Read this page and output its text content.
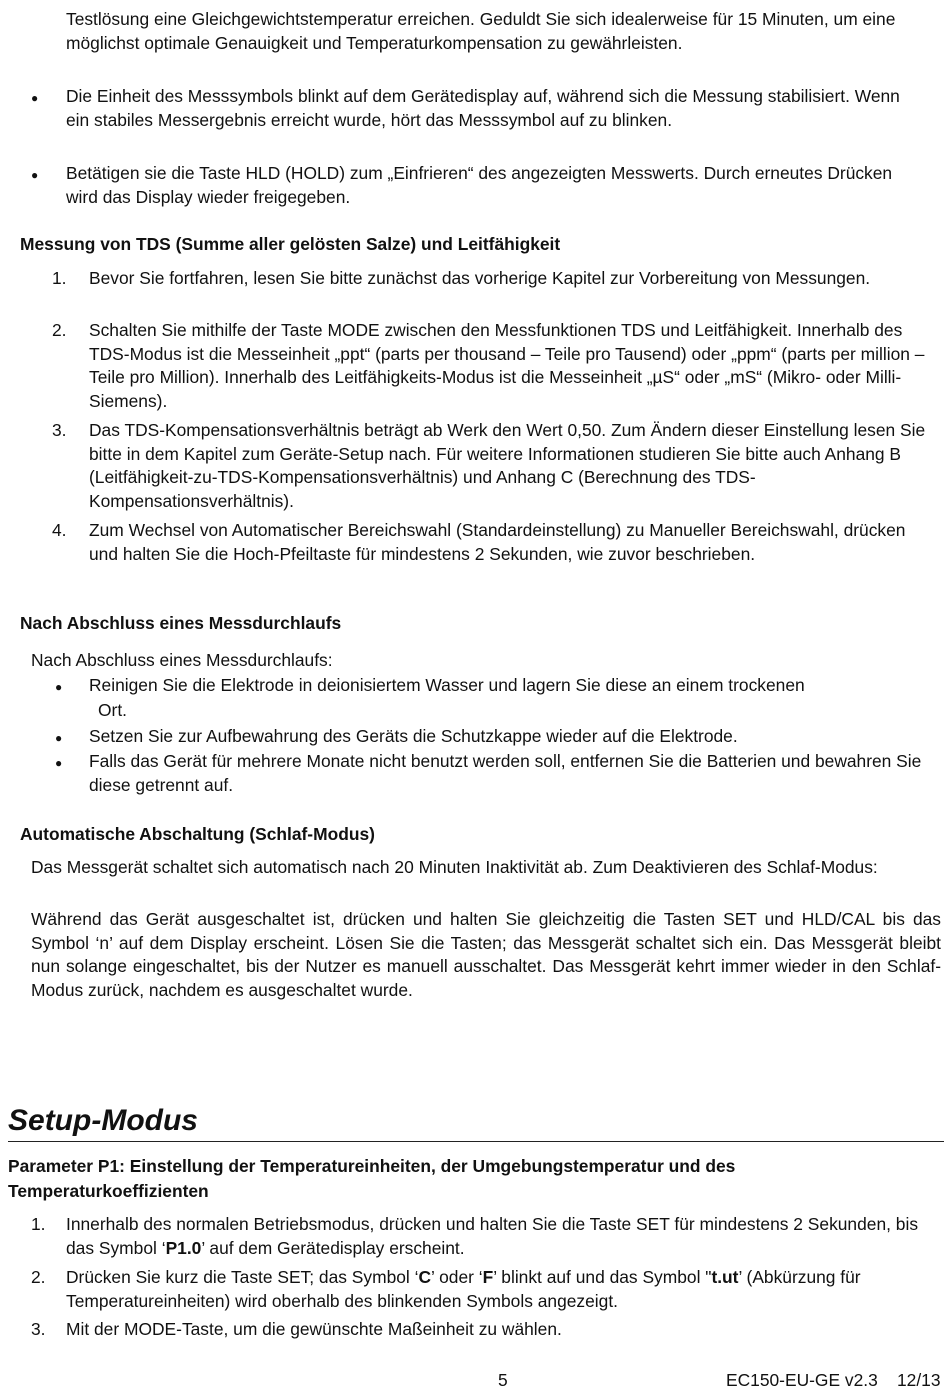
Testlösung eine Gleichgewichtstemperatur erreichen. Geduldt Sie sich idealerweise für 15 Minuten, um eine möglichst optimale Genauigkeit und Temperaturkompensation zu gewährleisten.

● Die Einheit des Messsymbols blinkt auf dem Gerätedisplay auf, während sich die Messung stabilisiert. Wenn ein stabiles Messergebnis erreicht wurde, hört das Messsymbol auf zu blinken.

● Betätigen sie die Taste HLD (HOLD) zum „Einfrieren“ des angezeigten Messwerts. Durch erneutes Drücken wird das Display wieder freigegeben.

Messung von TDS (Summe aller gelösten Salze) und Leitfähigkeit
1. Bevor Sie fortfahren, lesen Sie bitte zunächst das vorherige Kapitel zur Vorbereitung von Messungen.

2. Schalten Sie mithilfe der Taste MODE zwischen den Messfunktionen TDS und Leitfähigkeit. Innerhalb des TDS-Modus ist die Messeinheit „ppt“ (parts per thousand – Teile pro Tausend) oder „ppm“ (parts per million – Teile pro Million). Innerhalb des Leitfähigkeits-Modus ist die Messeinheit „µS“ oder „mS“ (Mikro- oder Milli-Siemens).

3. Das TDS-Kompensationsverhältnis beträgt ab Werk den Wert 0,50. Zum Ändern dieser Einstellung lesen Sie bitte in dem Kapitel zum Geräte-Setup nach. Für weitere Informationen studieren Sie bitte auch Anhang B (Leitfähigkeit-zu-TDS-Kompensationsverhältnis) und Anhang C (Berechnung des TDS-Kompensationsverhältnis).

4. Zum Wechsel von Automatischer Bereichswahl (Standardeinstellung) zu Manueller Bereichswahl, drücken und halten Sie die Hoch-Pfeiltaste für mindestens 2 Sekunden, wie zuvor beschrieben.

Nach Abschluss eines Messdurchlaufs

Nach Abschluss eines Messdurchlaufs:

● Reinigen Sie die Elektrode in deionisiertem Wasser und lagern Sie diese an einem trockenen

Ort.

● Setzen Sie zur Aufbewahrung des Geräts die Schutzkappe wieder auf die Elektrode.

● Falls das Gerät für mehrere Monate nicht benutzt werden soll, entfernen Sie die Batterien und bewahren Sie diese getrennt auf.

Automatische Abschaltung (Schlaf-Modus)

Das Messgerät schaltet sich automatisch nach 20 Minuten Inaktivität ab. Zum Deaktivieren des Schlaf-Modus:

Während das Gerät ausgeschaltet ist, drücken und halten Sie gleichzeitig die Tasten SET und HLD/CAL bis das Symbol ‘n’ auf dem Display erscheint. Lösen Sie die Tasten; das Messgerät schaltet sich ein. Das Messgerät bleibt nun solange eingeschaltet, bis der Nutzer es manuell ausschaltet. Das Messgerät kehrt immer wieder in den Schlaf-Modus zurück, nachdem es ausgeschaltet wurde.

Setup-Modus
Parameter P1: Einstellung der Temperatureinheiten, der Umgebungstemperatur und des Temperaturkoeffizienten
1. Innerhalb des normalen Betriebsmodus, drücken und halten Sie die Taste SET für mindestens 2 Sekunden, bis das Symbol ‘P1.0’ auf dem Gerätedisplay erscheint.

2. Drücken Sie kurz die Taste SET; das Symbol ‘C’ oder ‘F’ blinkt auf und das Symbol "t.ut’ (Abkürzung für Temperatureinheiten) wird oberhalb des blinkenden Symbols angezeigt.

3. Mit der MODE-Taste, um die gewünschte Maßeinheit zu wählen.

5	EC150-EU-GE v2.3 12/13
